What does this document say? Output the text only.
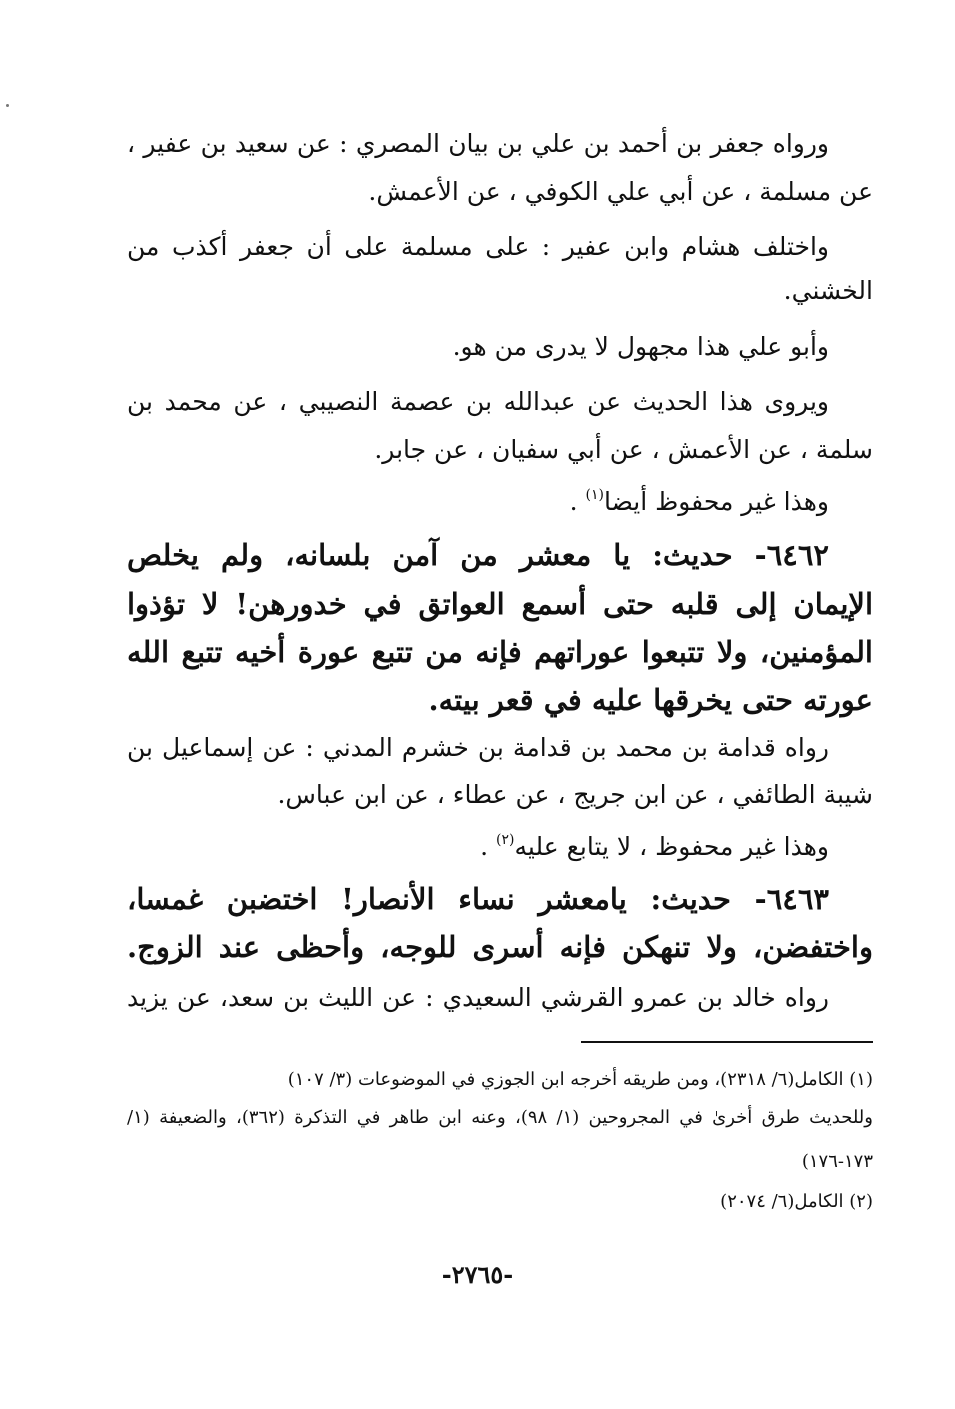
ورواه جعفر بن أحمد بن علي بن بيان المصري : عن سعيد بن عفير ،
عن مسلمة ، عن أبي علي الكوفي ، عن الأعمش.
واختلف هشام وابن عفير : على مسلمة على أن جعفر أكذب من
الخشني.
وأبو علي هذا مجهول لا يدرى من هو.
ويروى هذا الحديث عن عبدالله بن عصمة النصيبي ، عن محمد بن
سلمة ، عن الأعمش ، عن أبي سفيان ، عن جابر.
وهذا غير محفوظ أيضا$^{(١)}$ .
٦٤٦٢- حديث: يا معشر من آمن بلسانه، ولم يخلص
الإيمان إلى قلبه حتى أسمع العواتق في خدورهن! لا تؤذوا
المؤمنين، ولا تتبعوا عوراتهم فإنه من تتبع عورة أخيه تتبع الله
عورته حتى يخرقها عليه في قعر بيته.
رواه قدامة بن محمد بن قدامة بن خشرم المدني : عن إسماعيل بن
شيبة الطائفي ، عن ابن جريج ، عن عطاء ، عن ابن عباس.
وهذا غير محفوظ ، لا يتابع عليه$^{(٢)}$ .
٦٤٦٣- حديث: يامعشر نساء الأنصار! اختضبن غمسا،
واختفضن، ولا تنهكن فإنه أسرى للوجه، وأحظى عند الزوج.
رواه خالد بن عمرو القرشي السعيدي : عن الليث بن سعد، عن يزيد
(١) الكامل(٦/ ٢٣١٨)، ومن طريقه أخرجه ابن الجوزي في الموضوعات (٣/ ١٠٧)
وللحديث طرق أخرىٰ في المجروحين (١/ ٩٨)، وعنه ابن طاهر في التذكرة (٣٦٢)، والضعيفة (١/
١٧٣-١٧٦)
(٢) الكامل(٦/ ٢٠٧٤)
-٢٧٦٥-
